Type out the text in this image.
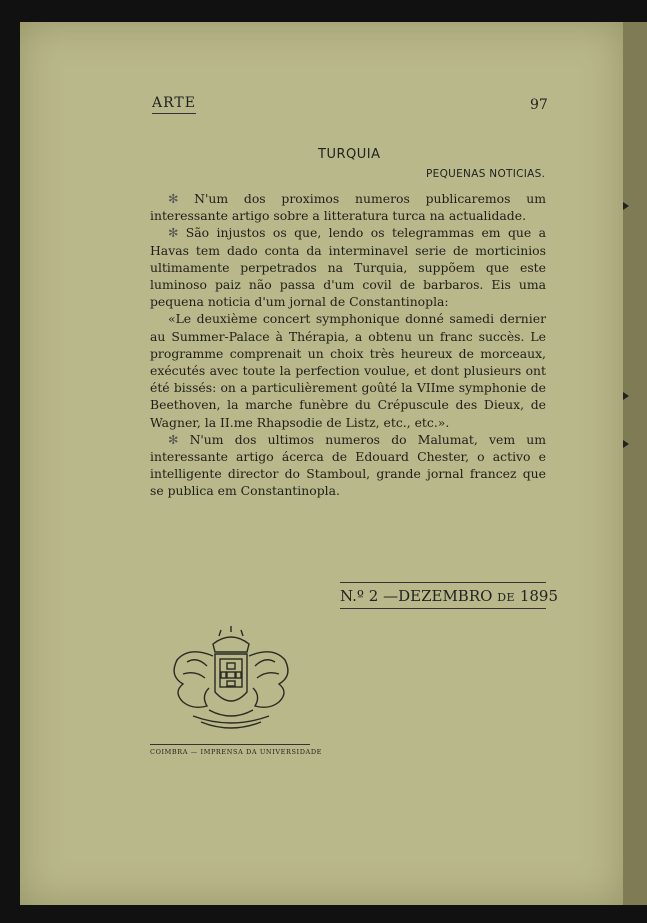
ARTE	97
TURQUIA
PEQUENAS NOTICIAS.

✻ N'um dos proximos numeros publicaremos um interessante artigo sobre a litteratura turca na actualidade.

✻ São injustos os que, lendo os telegrammas em que a Havas tem dado conta da interminavel serie de morticinios ultimamente perpetrados na Turquia, suppõem que este luminoso paiz não passa d'um covil de barbaros. Eis uma pequena noticia d'um jornal de Constantinopla:

«Le deuxième concert symphonique donné samedi dernier au Summer-Palace à Thérapia, a obtenu un franc succès. Le programme comprenait un choix très heureux de morceaux, exécutés avec toute la perfection voulue, et dont plusieurs ont été bissés: on a particulièrement goûté la VIIme symphonie de Beethoven, la marche funèbre du Crépuscule des Dieux, de Wagner, la II.me Rhapsodie de Listz, etc., etc.».

✻ N'um dos ultimos numeros do Malumat, vem um interessante artigo ácerca de Edouard Chester, o activo e intelligente director do Stamboul, grande jornal francez que se publica em Constantinopla.

N.º 2 —DEZEMBRO DE 1895
COIMBRA — IMPRENSA DA UNIVERSIDADE
